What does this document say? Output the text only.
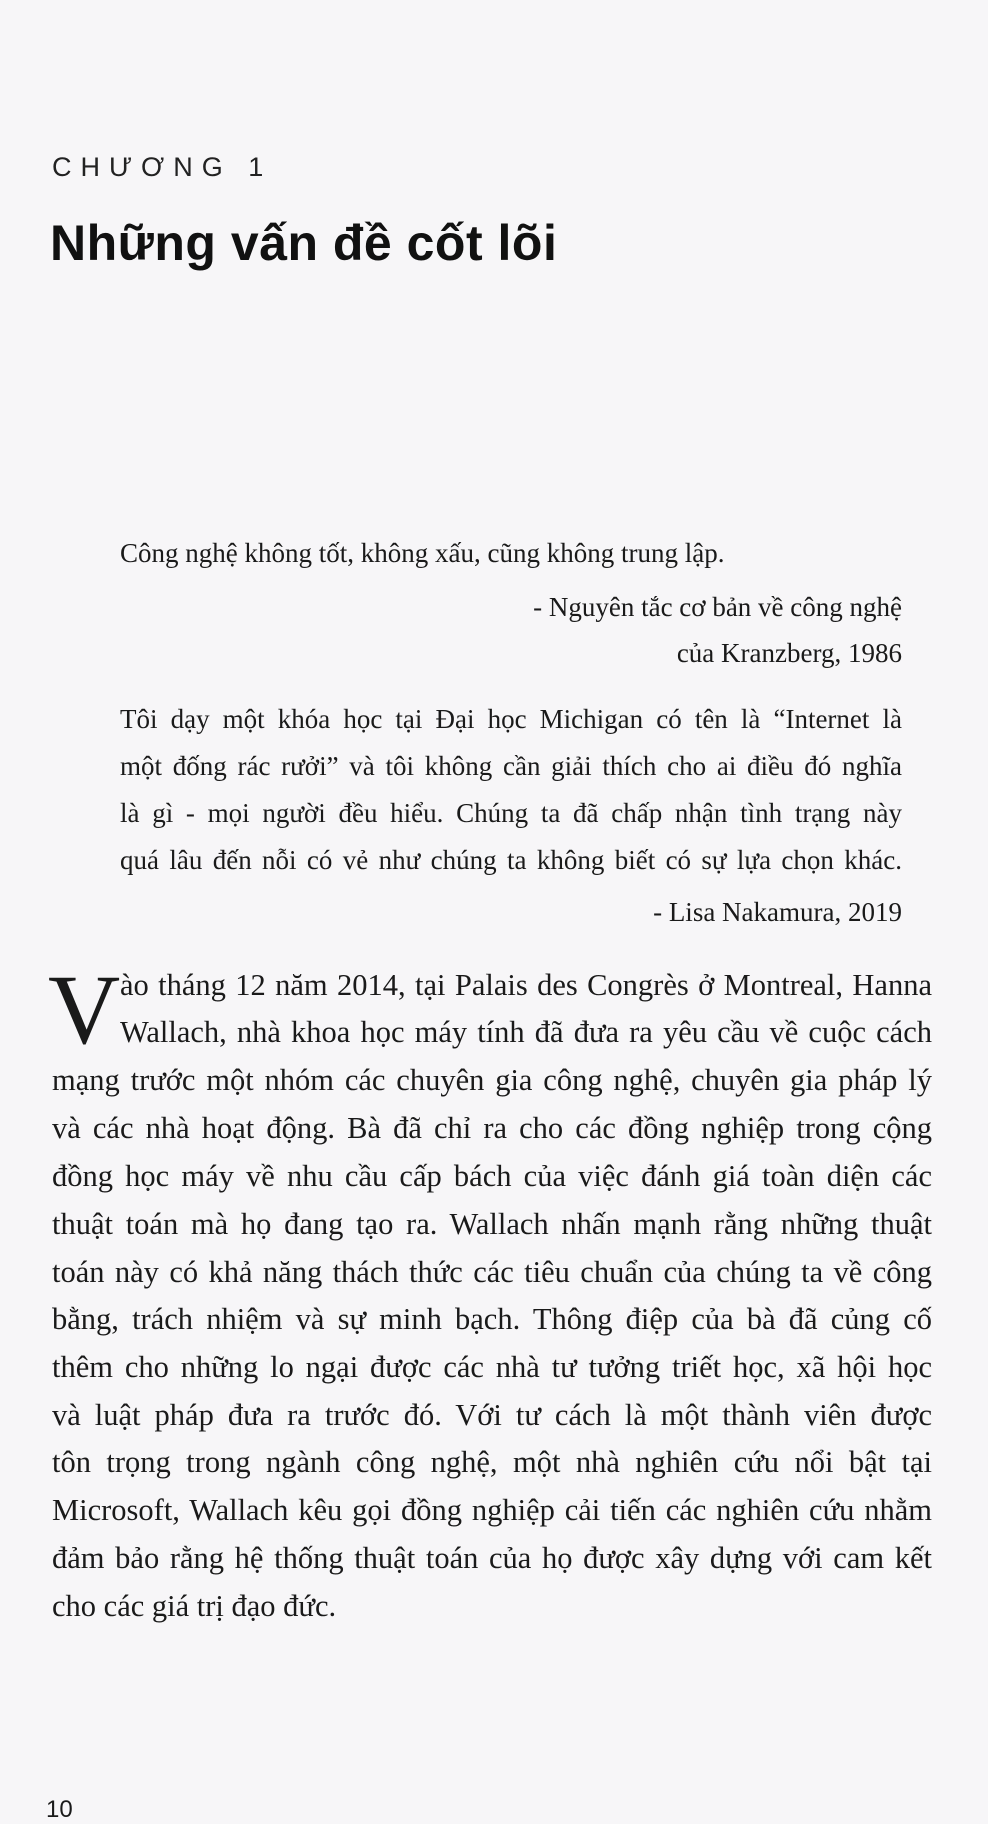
CHƯƠNG 1
Những vấn đề cốt lõi
Công nghệ không tốt, không xấu, cũng không trung lập.
- Nguyên tắc cơ bản về công nghệ
của Kranzberg, 1986
Tôi dạy một khóa học tại Đại học Michigan có tên là “Internet là
một đống rác rưởi” và tôi không cần giải thích cho ai điều đó nghĩa
là gì - mọi người đều hiểu. Chúng ta đã chấp nhận tình trạng này
quá lâu đến nỗi có vẻ như chúng ta không biết có sự lựa chọn khác.
- Lisa Nakamura, 2019
V ào tháng 12 năm 2014, tại Palais des Congrès ở Montreal, Hanna
Wallach, nhà khoa học máy tính đã đưa ra yêu cầu về cuộc cách
mạng trước một nhóm các chuyên gia công nghệ, chuyên gia pháp lý
và các nhà hoạt động. Bà đã chỉ ra cho các đồng nghiệp trong cộng
đồng học máy về nhu cầu cấp bách của việc đánh giá toàn diện các
thuật toán mà họ đang tạo ra. Wallach nhấn mạnh rằng những thuật
toán này có khả năng thách thức các tiêu chuẩn của chúng ta về công
bằng, trách nhiệm và sự minh bạch. Thông điệp của bà đã củng cố
thêm cho những lo ngại được các nhà tư tưởng triết học, xã hội học
và luật pháp đưa ra trước đó. Với tư cách là một thành viên được
tôn trọng trong ngành công nghệ, một nhà nghiên cứu nổi bật tại
Microsoft, Wallach kêu gọi đồng nghiệp cải tiến các nghiên cứu nhằm
đảm bảo rằng hệ thống thuật toán của họ được xây dựng với cam kết
cho các giá trị đạo đức.
10
